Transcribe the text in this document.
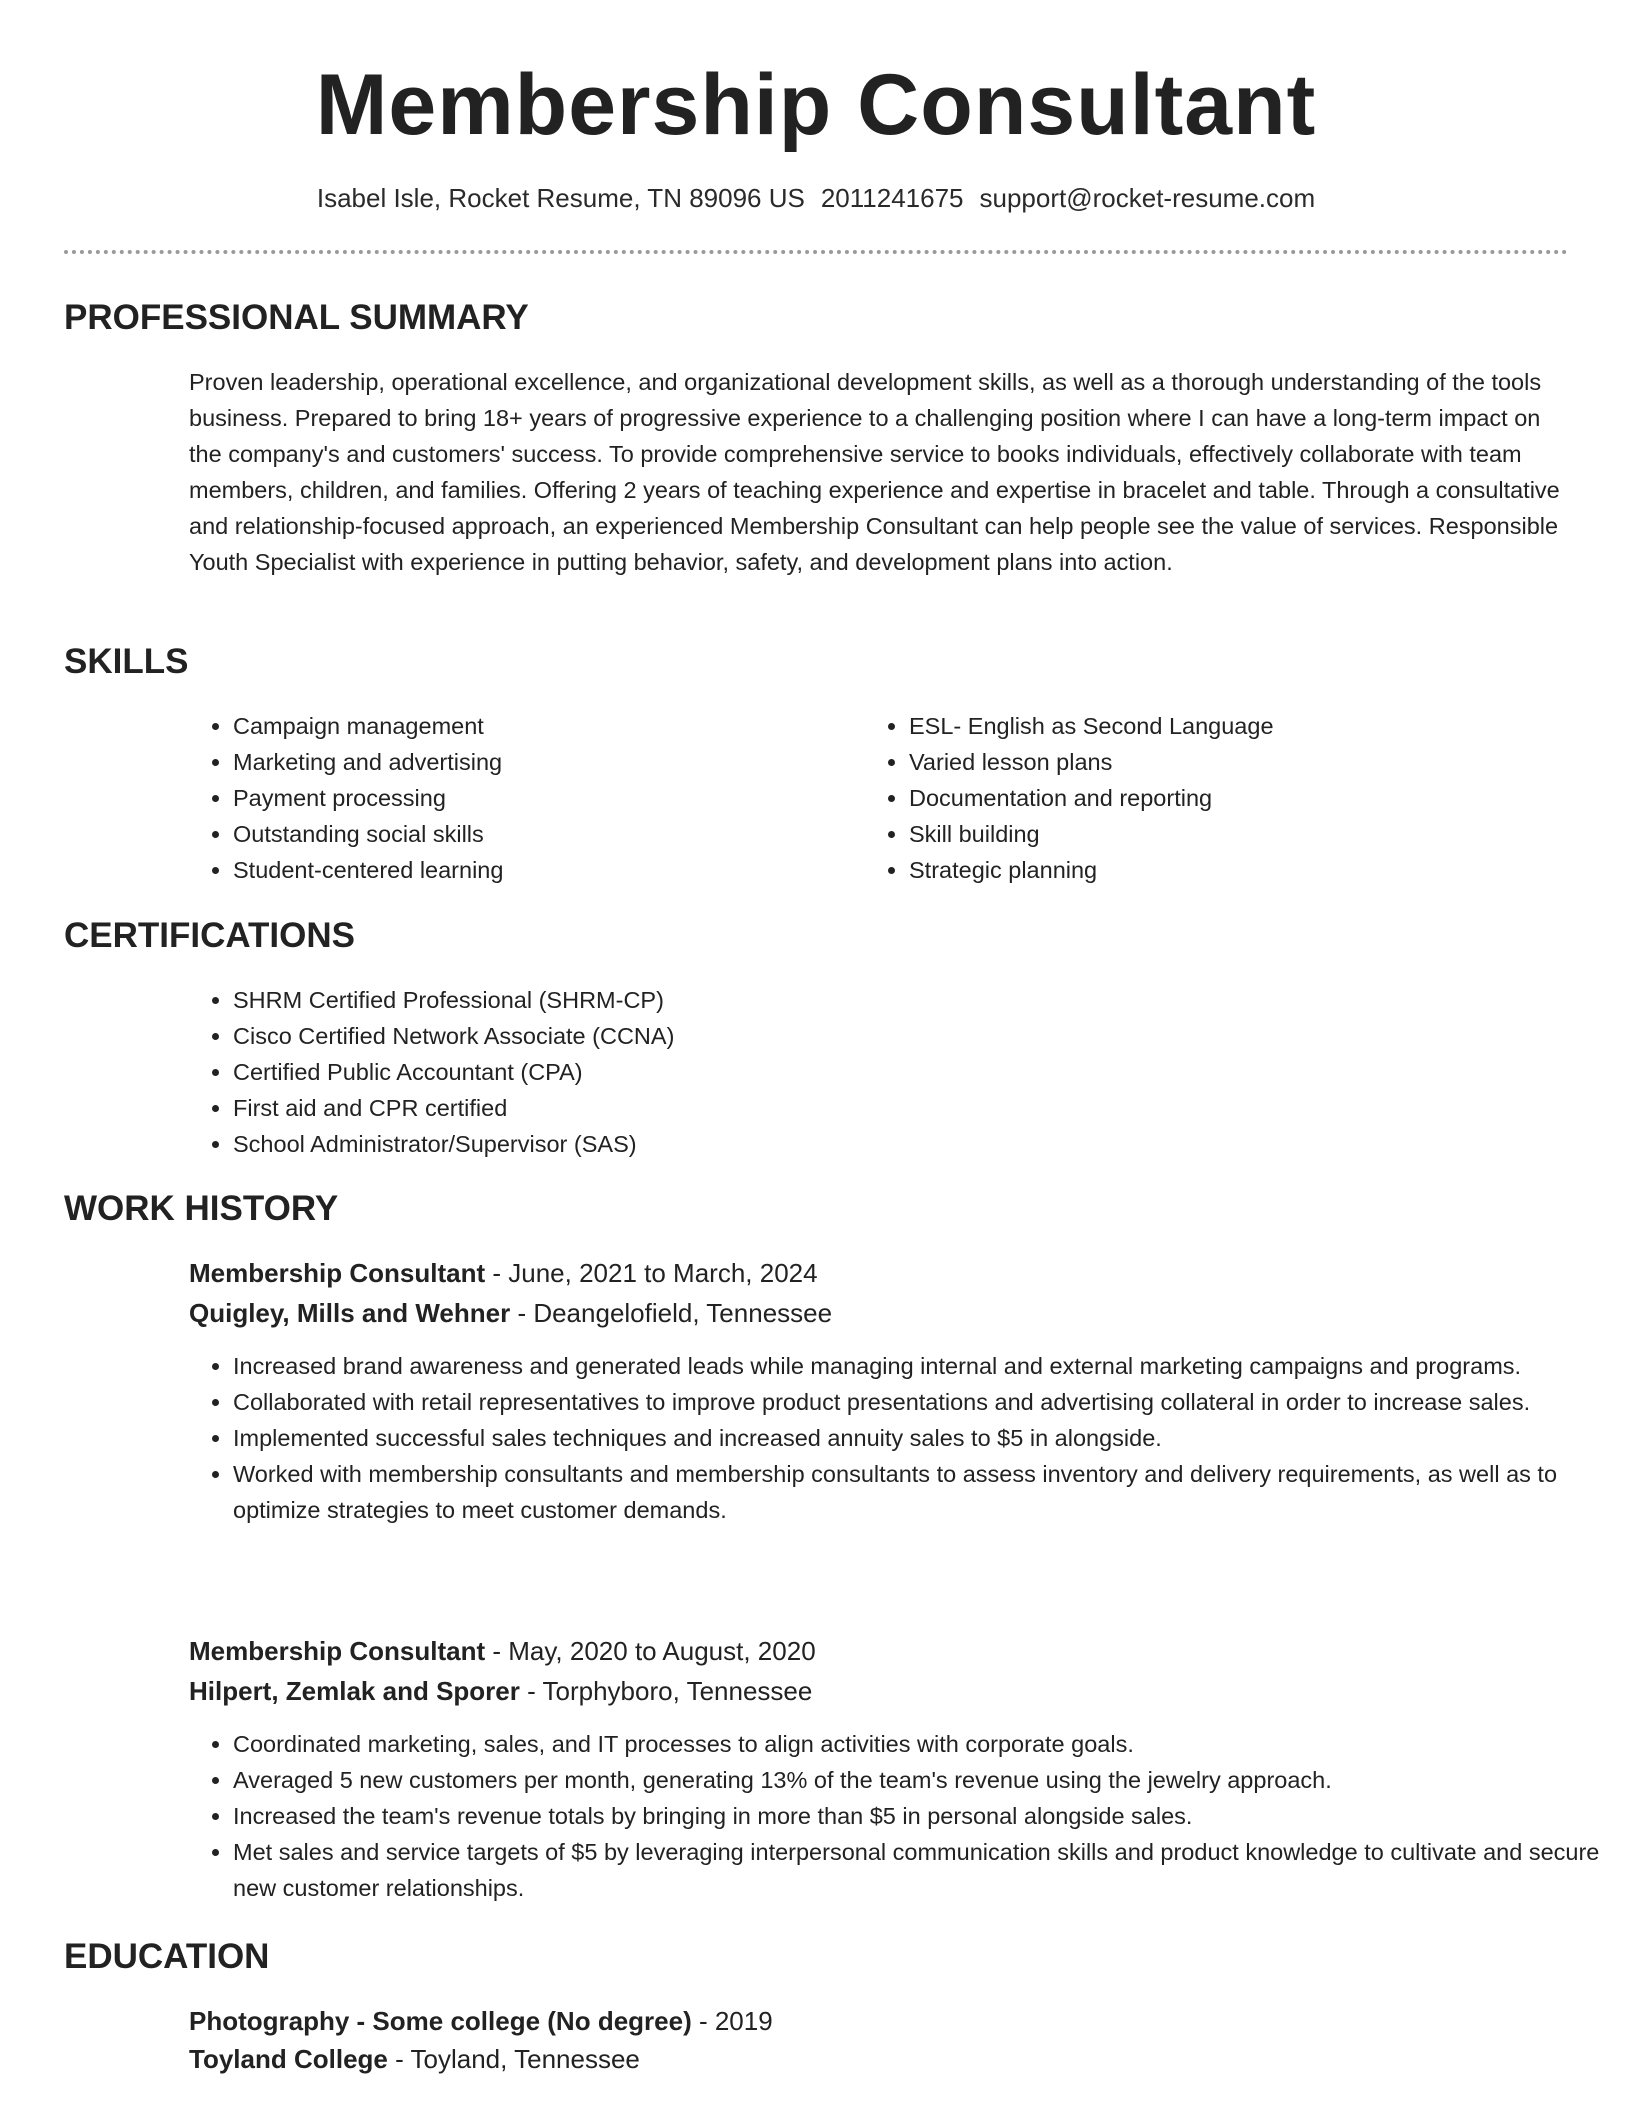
Membership Consultant
Isabel Isle, Rocket Resume, TN 89096 US 2011241675 support@rocket-resume.com
PROFESSIONAL SUMMARY

Proven leadership, operational excellence, and organizational development skills, as well as a thorough understanding of the tools business. Prepared to bring 18+ years of progressive experience to a challenging position where I can have a long-term impact on the company's and customers' success. To provide comprehensive service to books individuals, effectively collaborate with team members, children, and families. Offering 2 years of teaching experience and expertise in bracelet and table. Through a consultative and relationship-focused approach, an experienced Membership Consultant can help people see the value of services. Responsible Youth Specialist with experience in putting behavior, safety, and development plans into action.

SKILLS
• Campaign management
• Marketing and advertising
• Payment processing
• Outstanding social skills
• Student-centered learning
• ESL- English as Second Language
• Varied lesson plans
• Documentation and reporting
• Skill building
• Strategic planning
CERTIFICATIONS
• SHRM Certified Professional (SHRM-CP)
• Cisco Certified Network Associate (CCNA)
• Certified Public Accountant (CPA)
• First aid and CPR certified
• School Administrator/Supervisor (SAS)
WORK HISTORY
Membership Consultant - June, 2021 to March, 2024
Quigley, Mills and Wehner - Deangelofield, Tennessee
• Increased brand awareness and generated leads while managing internal and external marketing campaigns and programs.
• Collaborated with retail representatives to improve product presentations and advertising collateral in order to increase sales.
• Implemented successful sales techniques and increased annuity sales to $5 in alongside.
• Worked with membership consultants and membership consultants to assess inventory and delivery requirements, as well as to optimize strategies to meet customer demands.
Membership Consultant - May, 2020 to August, 2020
Hilpert, Zemlak and Sporer - Torphyboro, Tennessee
• Coordinated marketing, sales, and IT processes to align activities with corporate goals.
• Averaged 5 new customers per month, generating 13% of the team's revenue using the jewelry approach.
• Increased the team's revenue totals by bringing in more than $5 in personal alongside sales.
• Met sales and service targets of $5 by leveraging interpersonal communication skills and product knowledge to cultivate and secure new customer relationships.
EDUCATION
Photography - Some college (No degree) - 2019
Toyland College - Toyland, Tennessee
